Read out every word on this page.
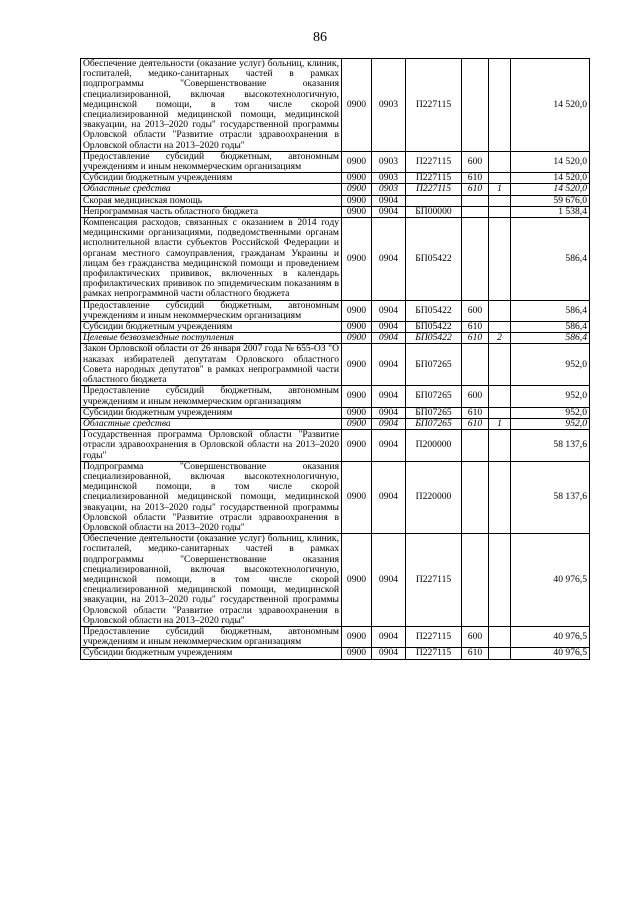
86
Обеспечение деятельности (оказание услуг) больниц, клиник, госпиталей, медико-санитарных частей в рамках подпрограммы "Совершенствование оказания специализированной, включая высокотехнологичную, медицинской помощи, в том числе скорой специализированной медицинской помощи, медицинской эвакуации, на 2013–2020 годы" государственной программы Орловской области "Развитие отрасли здравоохранения в Орловской области на 2013–2020 годы"	0900	0903	П227115			14 520,0
Предоставление субсидий бюджетным, автономным учреждениям и иным некоммерческим организациям	0900	0903	П227115	600		14 520,0
Субсидии бюджетным учреждениям	0900	0903	П227115	610		14 520,0
Областные средства	0900	0903	П227115	610	1	14 520,0
Скорая медицинская помощь	0900	0904				59 676,0
Непрограммная часть областного бюджета	0900	0904	БП00000			1 538,4
Компенсация расходов, связанных с оказанием в 2014 году медицинскими организациями, подведомственными органам исполнительной власти субъектов Российской Федерации и органам местного самоуправления, гражданам Украины и лицам без гражданства медицинской помощи и проведением профилактических прививок, включенных в календарь профилактических прививок по эпидемическим показаниям в рамках непрограммной части областного бюджета	0900	0904	БП05422			586,4
Предоставление субсидий бюджетным, автономным учреждениям и иным некоммерческим организациям	0900	0904	БП05422	600		586,4
Субсидии бюджетным учреждениям	0900	0904	БП05422	610		586,4
Целевые безвозмездные поступления	0900	0904	БП05422	610	2	586,4
Закон Орловской области от 26 января 2007 года № 655-ОЗ "О наказах избирателей депутатам Орловского областного Совета народных депутатов" в рамках непрограммной части областного бюджета	0900	0904	БП07265			952,0
Предоставление субсидий бюджетным, автономным учреждениям и иным некоммерческим организациям	0900	0904	БП07265	600		952,0
Субсидии бюджетным учреждениям	0900	0904	БП07265	610		952,0
Областные средства	0900	0904	БП07265	610	1	952,0
Государственная программа Орловской области "Развитие отрасли здравоохранения в Орловской области на 2013–2020 годы"	0900	0904	П200000			58 137,6
Подпрограмма "Совершенствование оказания специализированной, включая высокотехнологичную, медицинской помощи, в том числе скорой специализированной медицинской помощи, медицинской эвакуации, на 2013–2020 годы" государственной программы Орловской области "Развитие отрасли здравоохранения в Орловской области на 2013–2020 годы"	0900	0904	П220000			58 137,6
Обеспечение деятельности (оказание услуг) больниц, клиник, госпиталей, медико-санитарных частей в рамках подпрограммы "Совершенствование оказания специализированной, включая высокотехнологичную, медицинской помощи, в том числе скорой специализированной медицинской помощи, медицинской эвакуации, на 2013–2020 годы" государственной программы Орловской области "Развитие отрасли здравоохранения в Орловской области на 2013–2020 годы"	0900	0904	П227115			40 976,5
Предоставление субсидий бюджетным, автономным учреждениям и иным некоммерческим организациям	0900	0904	П227115	600		40 976,5
Субсидии бюджетным учреждениям	0900	0904	П227115	610		40 976,5
